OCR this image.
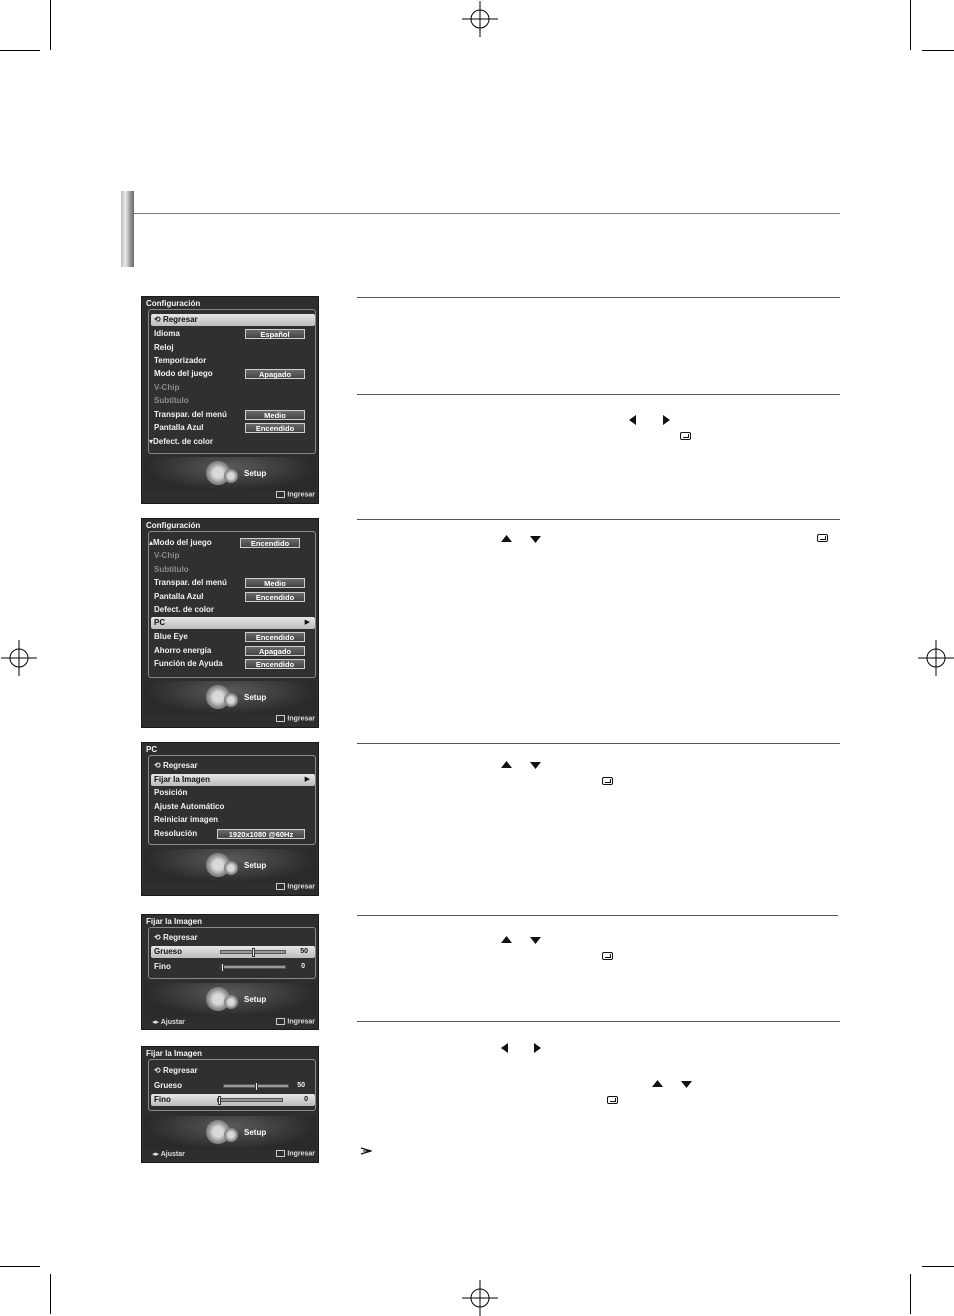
Configuración
⟲ Regresar
Idioma	Español
Reloj
Temporizador
Modo del juego	Apagado
V-Chip
Subtítulo
Transpar. del menú	Medio
Pantalla Azul	Encendido
▾Defect. de color
Setup
Ingresar
Configuración
▴Modo del juego	Encendido
V-Chip
Subtítulo
Transpar. del menú	Medio
Pantalla Azul	Encendido
Defect. de color
PC	▶
Blue Eye	Encendido
Ahorro energía	Apagado
Función de Ayuda	Encendido
Setup
Ingresar
PC
⟲ Regresar
Fijar la Imagen	▶
Posición
Ajuste Automático
Reiniciar imagen
Resolución	1920x1080 @60Hz
Setup
Ingresar
Fijar la Imagen
⟲ Regresar
Grueso	50
Fino	0
Setup
◂▸ Ajustar	Ingresar
Fijar la Imagen
⟲ Regresar
Grueso	50
Fino	0
Setup
◂▸ Ajustar	Ingresar
